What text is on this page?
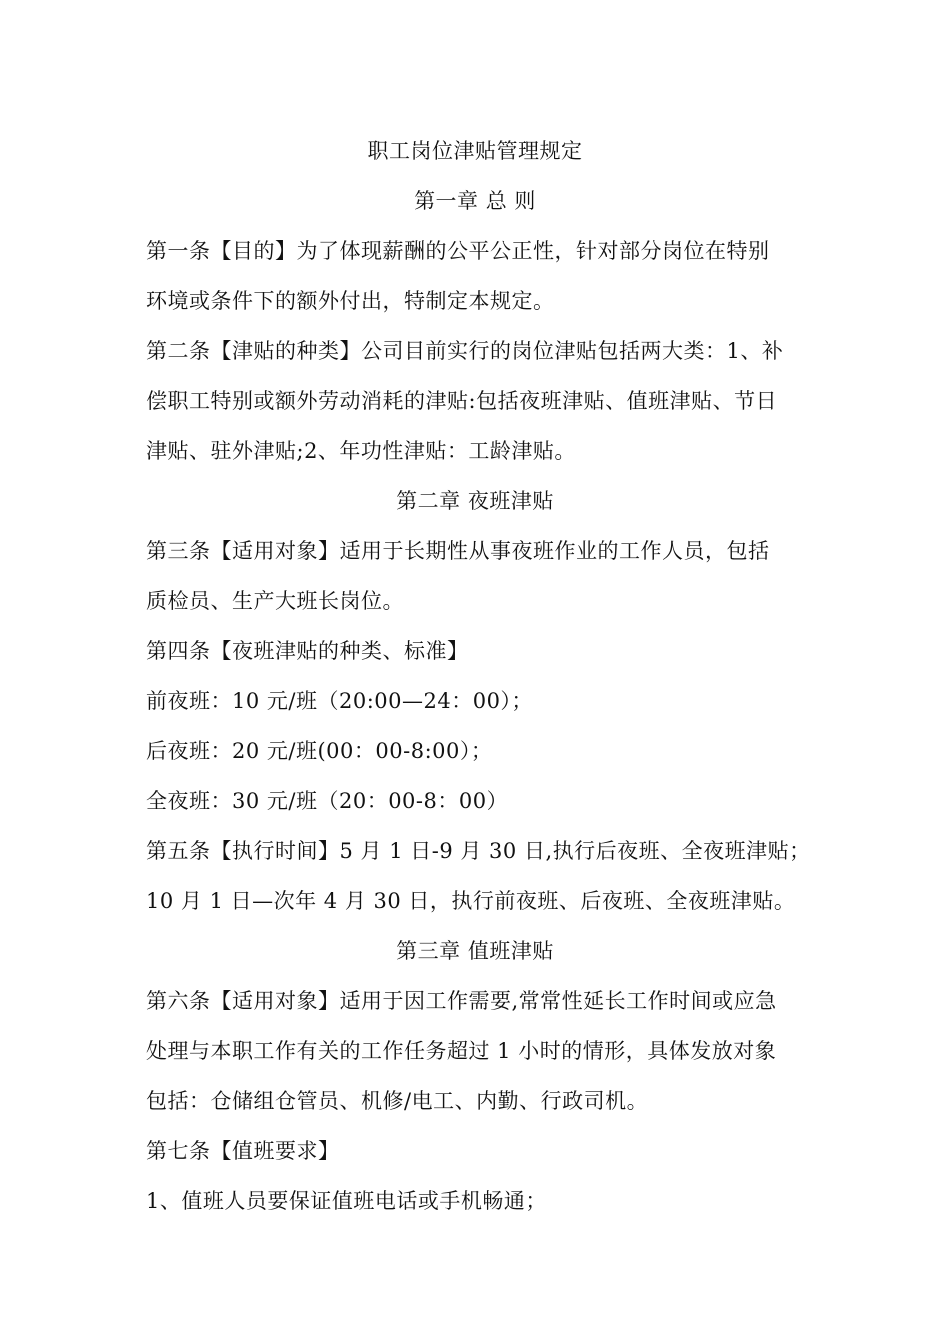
职工岗位津贴管理规定
第一章 总 则
第一条【目的】为了体现薪酬的公平公正性，针对部分岗位在特别
环境或条件下的额外付出，特制定本规定。
第二条【津贴的种类】公司目前实行的岗位津贴包括两大类：1、补
偿职工特别或额外劳动消耗的津贴:包括夜班津贴、值班津贴、节日
津贴、驻外津贴;2、年功性津贴：工龄津贴。
第二章 夜班津贴
第三条【适用对象】适用于长期性从事夜班作业的工作人员，包括
质检员、生产大班长岗位。
第四条【夜班津贴的种类、标准】
前夜班：10 元/班（20:00—24：00）；
后夜班：20 元/班(00：00-8:00）；
全夜班：30 元/班（20：00-8：00）
第五条【执行时间】5 月 1 日-9 月 30 日,执行后夜班、全夜班津贴；
10 月 1 日—次年 4 月 30 日，执行前夜班、后夜班、全夜班津贴。
第三章 值班津贴
第六条【适用对象】适用于因工作需要,常常性延长工作时间或应急
处理与本职工作有关的工作任务超过 1 小时的情形，具体发放对象
包括：仓储组仓管员、机修/电工、内勤、行政司机。
第七条【值班要求】
1、值班人员要保证值班电话或手机畅通；
